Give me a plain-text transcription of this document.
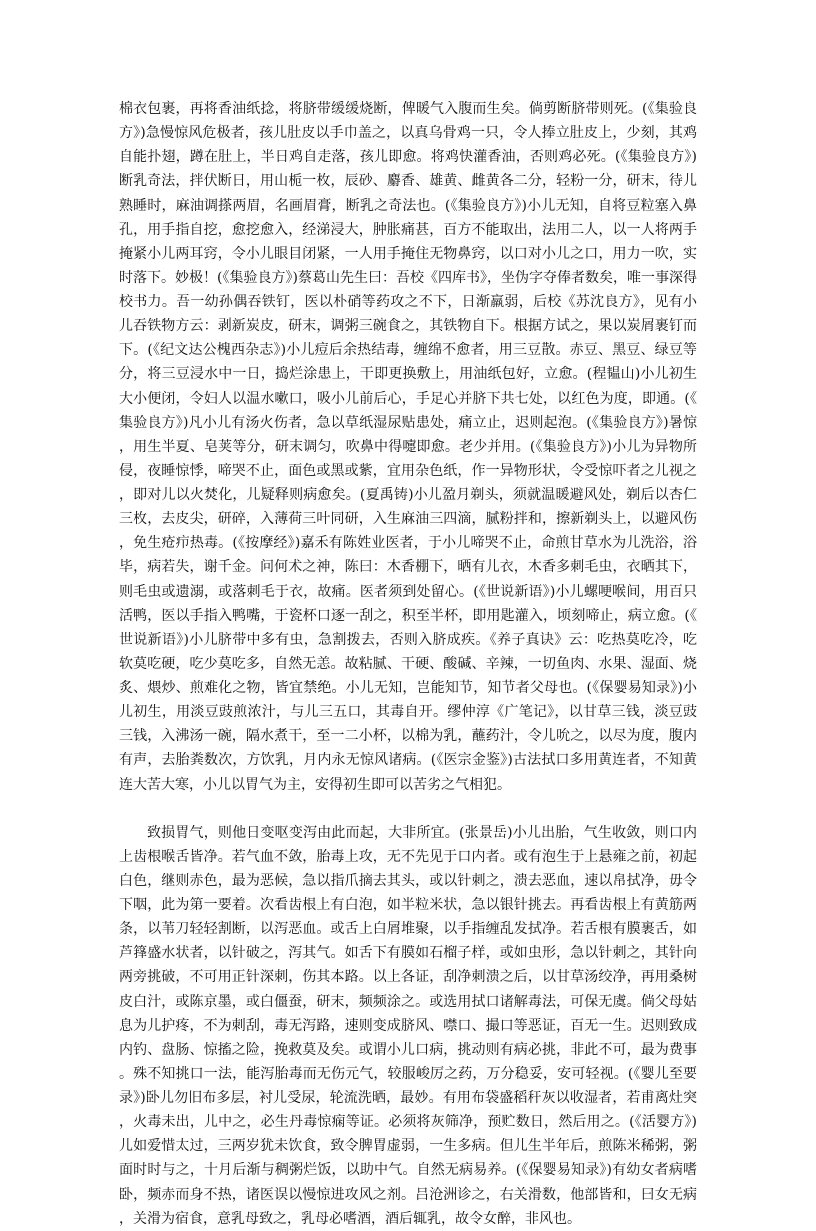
棉衣包裹，再将香油纸捻，将脐带缓缓烧断，俾暖气入腹而生矣。倘剪断脐带则死。(《集验良方》)急慢惊风危极者，孩儿肚皮以手巾盖之，以真乌骨鸡一只，令人捧立肚皮上，少刻，其鸡自能扑翅，蹲在肚上，半日鸡自走落，孩儿即愈。将鸡快灌香油，否则鸡必死。(《集验良方》)断乳奇法，拌伏断日，用山栀一枚，辰砂、麝香、雄黄、雌黄各二分，轻粉一分，研末，待儿熟睡时，麻油调搽两眉，名画眉膏，断乳之奇法也。(《集验良方》)小儿无知，自将豆粒塞入鼻孔，用手指自挖，愈挖愈入，经涕浸大，肿胀痛甚，百方不能取出，法用二人，以一人将两手掩紧小儿两耳窍，令小儿眼目闭紧，一人用手掩住无物鼻窍，以口对小儿之口，用力一吹，实时落下。妙极！(《集验良方》)蔡葛山先生曰：吾校《四库书》，坐伪字夺俸者数矣，唯一事深得校书力。吾一幼孙偶吞铁钉，医以朴硝等药攻之不下，日渐羸弱，后校《苏沈良方》，见有小儿吞铁物方云：剥新炭皮，研末，调粥三碗食之，其铁物自下。根据方试之，果以炭屑裹钉而下。(《纪文达公槐西杂志》)小儿痘后余热结毒，缠绵不愈者，用三豆散。赤豆、黑豆、绿豆等分，将三豆浸水中一日，捣烂涂患上，干即更换敷上，用油纸包好，立愈。(程韫山)小儿初生大小便闭，令妇人以温水嗽口，吸小儿前后心，手足心并脐下共七处，以红色为度，即通。(《集验良方》)凡小儿有汤火伤者，急以草纸湿尿贴患处，痛立止，迟则起泡。(《集验良方》)暑惊，用生半夏、皂荚等分，研末调匀，吹鼻中得嚏即愈。老少并用。(《集验良方》)小儿为异物所侵，夜睡惊悸，啼哭不止，面色或黑或紫，宜用杂色纸，作一异物形状，令受惊吓者之儿视之，即对儿以火焚化，儿疑释则病愈矣。(夏禹铸)小儿盈月剃头，须就温暖避风处，剃后以杏仁三枚，去皮尖，研碎，入薄荷三叶同研，入生麻油三四滴，腻粉拌和，擦新剃头上，以避风伤，免生疮疖热毒。(《按摩经》)嘉禾有陈姓业医者，于小儿啼哭不止，命煎甘草水为儿洗浴，浴毕，病若失，谢千金。问何术之神，陈曰：木香棚下，晒有儿衣，木香多刺毛虫，衣晒其下，则毛虫或遗溺，或落刺毛于衣，故痛。医者须到处留心。(《世说新语》)小儿螺哽喉间，用百只活鸭，医以手指入鸭嘴，于瓷杯口逐一刮之，积至半杯，即用匙灌入，顷刻啼止，病立愈。(《世说新语》)小儿脐带中多有虫，急割拨去，否则入脐成疾。《养子真诀》云：吃热莫吃冷，吃软莫吃硬，吃少莫吃多，自然无恙。故粘腻、干硬、酸碱、辛辣，一切鱼肉、水果、湿面、烧炙、煨炒、煎难化之物，皆宜禁绝。小儿无知，岂能知节，知节者父母也。(《保婴易知录》)小儿初生，用淡豆豉煎浓汁，与儿三五口，其毒自开。缪仲淳《广笔记》，以甘草三钱，淡豆豉三钱，入沸汤一碗，隔水煮干，至一二小杯，以棉为乳，蘸药汁，令儿吮之，以尽为度，腹内有声，去胎粪数次，方饮乳，月内永无惊风诸病。(《医宗金鉴》)古法拭口多用黄连者，不知黄连大苦大寒，小儿以胃气为主，安得初生即可以苦劣之气相犯。

致损胃气，则他日变呕变泻由此而起，大非所宜。(张景岳)小儿出胎，气生收敛，则口内上齿根喉舌皆净。若气血不敛，胎毒上攻，无不先见于口内者。或有泡生于上悬雍之前，初起白色，继则赤色，最为恶候，急以指爪摘去其头，或以针刺之，溃去恶血，速以帛拭净，毋令下咽，此为第一要着。次看齿根上有白泡，如半粒米状，急以银针挑去。再看齿根上有黄筋两条，以苇刀轻轻割断，以泻恶血。或舌上白屑堆聚，以手指缠乱发拭净。若舌根有膜裹舌，如芦箨盛水状者，以针破之，泻其气。如舌下有膜如石榴子样，或如虫形，急以针刺之，其针向两旁挑破，不可用正针深刺，伤其本路。以上各证，刮净刺溃之后，以甘草汤绞净，再用桑树皮白汁，或陈京墨，或白僵蚕，研末，频频涂之。或选用拭口诸解毒法，可保无虞。倘父母姑息为儿护疼，不为刺刮，毒无泻路，速则变成脐风、噤口、撮口等恶证，百无一生。迟则致成内钓、盘肠、惊搐之险，挽救莫及矣。或谓小儿口病，挑动则有病必挑，非此不可，最为费事。殊不知挑口一法，能泻胎毒而无伤元气，较服峻厉之药，万分稳妥，安可轻视。(《婴儿至要录》)卧儿勿旧布多层，衬儿受尿，轮流洗晒，最妙。有用布袋盛稻秆灰以收湿者，若甫离灶突，火毒未出，儿中之，必生丹毒惊痫等证。必须将灰筛净，预贮数日，然后用之。(《活婴方》)儿如爱惜太过，三两岁犹未饮食，致令脾胃虚弱，一生多病。但儿生半年后，煎陈米稀粥，粥面时时与之，十月后渐与稠粥烂饭，以助中气。自然无病易养。(《保婴易知录》)有幼女者病嗜卧，频赤而身不热，诸医误以慢惊进攻风之剂。吕沧洲诊之，右关滑数，他部皆和，曰女无病，关滑为宿食，意乳母致之，乳母必嗜酒，酒后辄乳，故令女醉，非风也。
